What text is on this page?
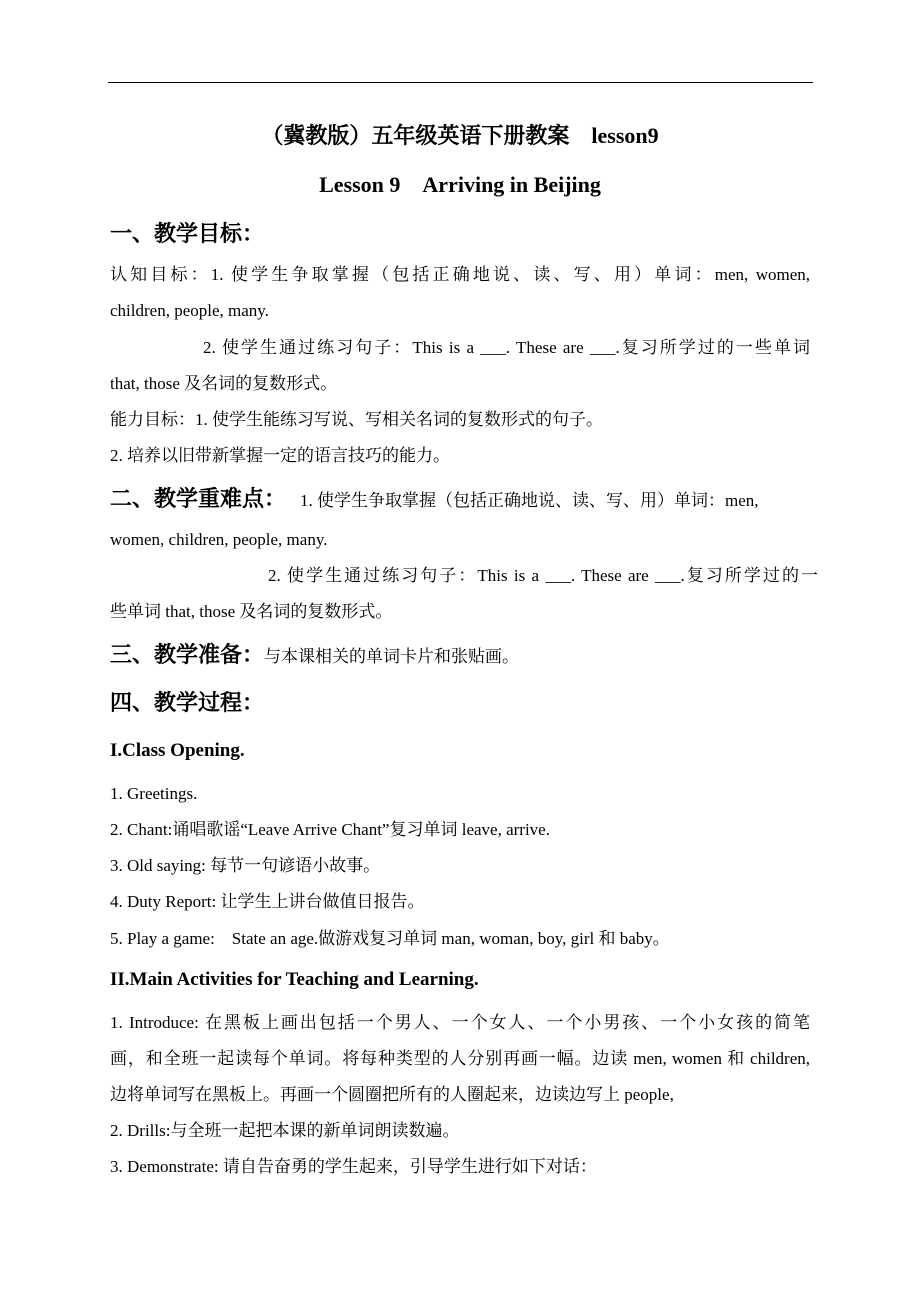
（冀教版）五年级英语下册教案　lesson9
Lesson 9　Arriving in Beijing
一、教学目标：
认知目标：1. 使学生争取掌握（包括正确地说、读、写、用）单词：men, women,
children, people, many.
2. 使学生通过练习句子：This is a ___. These are ___.复习所学过的一些单词
that, those 及名词的复数形式。
能力目标：1. 使学生能练习写说、写相关名词的复数形式的句子。
2. 培养以旧带新掌握一定的语言技巧的能力。
二、教学重难点： 1. 使学生争取掌握（包括正确地说、读、写、用）单词：men,
women, children, people, many.
2. 使学生通过练习句子：This is a ___. These are ___.复习所学过的一
些单词 that, those 及名词的复数形式。
三、教学准备：与本课相关的单词卡片和张贴画。
四、教学过程：
I.Class Opening.
1. Greetings.
2. Chant:诵唱歌谣“Leave Arrive Chant”复习单词 leave, arrive.
3. Old saying: 每节一句谚语小故事。
4. Duty Report: 让学生上讲台做值日报告。
5. Play a game:　State an age.做游戏复习单词 man, woman, boy, girl 和 baby。
II.Main Activities for Teaching and Learning.
1. Introduce: 在黑板上画出包括一个男人、一个女人、一个小男孩、一个小女孩的简笔
画，和全班一起读每个单词。将每种类型的人分别再画一幅。边读 men, women 和 children,
边将单词写在黑板上。再画一个圆圈把所有的人圈起来，边读边写上 people,
2. Drills:与全班一起把本课的新单词朗读数遍。
3. Demonstrate: 请自告奋勇的学生起来，引导学生进行如下对话：
